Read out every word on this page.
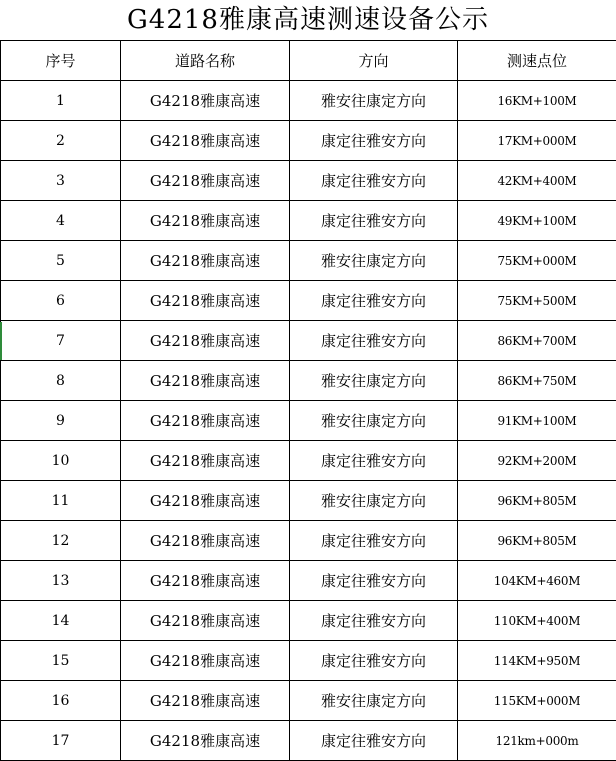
G4218雅康高速测速设备公示
序号	道路名称	方向	测速点位
1	G4218雅康高速	雅安往康定方向	16KM+100M
2	G4218雅康高速	康定往雅安方向	17KM+000M
3	G4218雅康高速	康定往雅安方向	42KM+400M
4	G4218雅康高速	康定往雅安方向	49KM+100M
5	G4218雅康高速	雅安往康定方向	75KM+000M
6	G4218雅康高速	康定往雅安方向	75KM+500M
7	G4218雅康高速	康定往雅安方向	86KM+700M
8	G4218雅康高速	雅安往康定方向	86KM+750M
9	G4218雅康高速	雅安往康定方向	91KM+100M
10	G4218雅康高速	康定往雅安方向	92KM+200M
11	G4218雅康高速	雅安往康定方向	96KM+805M
12	G4218雅康高速	康定往雅安方向	96KM+805M
13	G4218雅康高速	康定往雅安方向	104KM+460M
14	G4218雅康高速	康定往雅安方向	110KM+400M
15	G4218雅康高速	康定往雅安方向	114KM+950M
16	G4218雅康高速	雅安往康定方向	115KM+000M
17	G4218雅康高速	康定往雅安方向	121km+000m
